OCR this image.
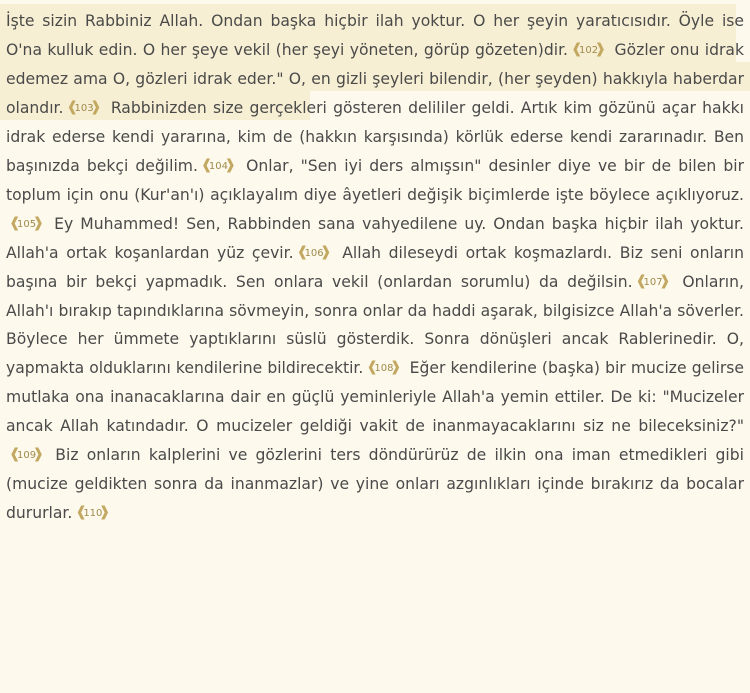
İşte sizin Rabbiniz Allah. Ondan başka hiçbir ilah yoktur. O her şeyin yaratıcısıdır. Öyle ise O'na kulluk edin. O her şeye vekil (her şeyi yöneten, görüp gözeten)dir. ❰ 102 ❱ Gözler onu idrak edemez ama O, gözleri idrak eder." O, en gizli şeyleri bilendir, (her şeyden) hakkıyla haberdar olandır. ❰ 103 ❱ Rabbinizden size gerçekleri gösteren delililer geldi. Artık kim gözünü açar hakkı idrak ederse kendi yararına, kim de (hakkın karşısında) körlük ederse kendi zararınadır. Ben başınızda bekçi değilim. ❰ 104 ❱ Onlar, "Sen iyi ders almışsın" desinler diye ve bir de bilen bir toplum için onu (Kur'an'ı) açıklayalım diye âyetleri değişik biçimlerde işte böylece açıklıyoruz.❰ 105 ❱ Ey Muhammed! Sen, Rabbinden sana vahyedilene uy. Ondan başka hiçbir ilah yoktur. Allah'a ortak koşanlardan yüz çevir. ❰ 106 ❱ Allah dileseydi ortak koşmazlardı. Biz seni onların başına bir bekçi yapmadık. Sen onlara vekil (onlardan sorumlu) da değilsin. ❰ 107 ❱ Onların, Allah'ı bırakıp tapındıklarına sövmeyin, sonra onlar da haddi aşarak, bilgisizce Allah'a söverler. Böylece her ümmete yaptıklarını süslü gösterdik. Sonra dönüşleri ancak Rablerinedir. O, yapmakta olduklarını kendilerine bildirecektir. ❰ 108 ❱ Eğer kendilerine (başka) bir mucize gelirse mutlaka ona inanacaklarına dair en güçlü yeminleriyle Allah'a yemin ettiler. De ki: "Mucizeler ancak Allah katındadır. O mucizeler geldiği vakit de inanmayacaklarını siz ne bileceksiniz?"❰ 109 ❱ Biz onların kalplerini ve gözlerini ters döndürürüz de ilkin ona iman etmedikleri gibi (mucize geldikten sonra da inanmazlar) ve yine onları azgınlıkları içinde bırakırız da bocalar dururlar. ❰ 110 ❱
